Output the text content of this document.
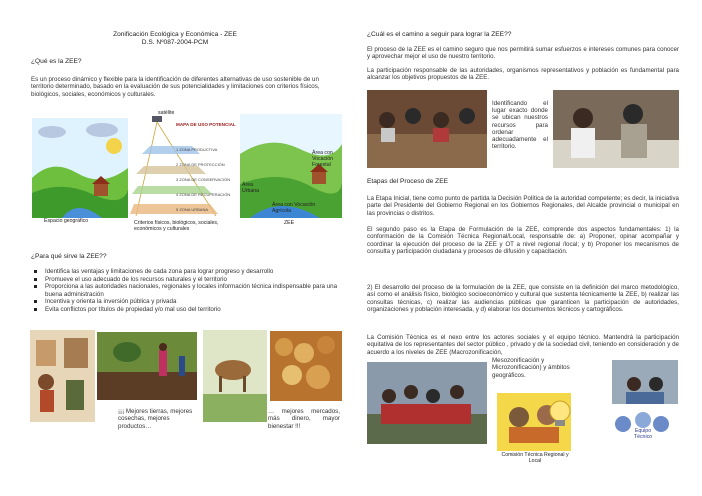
Zonificación Ecológica y Económica - ZEE
D.S. Nº087-2004-PCM
¿Qué es la ZEE?
Es un proceso dinámico y flexible para la identificación de diferentes alternativas de uso sostenible de un territorio determinado, basado en la evaluación de sus potencialidades y limitaciones con criterios físicos, biológicos, sociales, económicos y culturales.
satélite
MAPA DE USO POTENCIAL
1 ZONA PRODUCTIVA
2 ZONA DE PROTECCIÓN
3 ZONA DE CONSERVACIÓN
4 ZONA DE RECUPERACIÓN
5 ZONA URBANA
Área con Vocación Forestal
Área Urbana
Área con Vocación Agrícola
Espacio geográfico	Criterios físicos, biológicos, sociales, económicos y culturales
ZEE
¿Para qué sirve la ZEE??
Identifica las ventajas y limitaciones de cada zona para lograr progreso y desarrollo
Promueve el uso adecuado de los recursos naturales y el territorio
Proporciona a las autoridades nacionales, regionales y locales información técnica indispensable para una buena administración
Incentiva y orienta la inversión pública y privada
Evita conflictos por títulos de propiedad y/o mal uso del territorio
¡¡¡ Mejores tierras, mejores cosechas, mejores productos…
… mejores mercados, más dinero, mayor bienestar !!!
¿Cuál es el camino a seguir para lograr la ZEE??
El proceso de la ZEE es el camino seguro que nos permitirá sumar esfuerzos e intereses comunes para conocer y aprovechar mejor el uso de nuestro territorio.
La participación responsable de las autoridades, organismos representativos y población es fundamental para alcanzar los objetivos propuestos de la ZEE.
Identificando el lugar exacto donde se ubican nuestros recursos para ordenar adecuadamente el territorio.
Etapas del Proceso de ZEE
La Etapa Inicial, tiene como punto de partida la Decisión Política de la autoridad competente; es decir, la iniciativa parte del Presidente del Gobierno Regional en los Gobiernos Regionales, del Alcalde provincial o municipal en las provincias o distritos.
El segundo paso es la Etapa de Formulación de la ZEE, comprende dos aspectos fundamentales: 1) la conformación de la Comisión Técnica Regional/Local, responsable de: a) Proponer, opinar acompañar y coordinar la ejecución del proceso de la ZEE y OT a nivel regional /local; y b) Proponer los mecanismos de consulta y participación ciudadana y procesos de difusión y capacitación.
2) El desarrollo del proceso de la formulación de la ZEE, que consiste en la definición del marco metodológico, así como el análisis físico, biológico socioeconómico y cultural que sustenta técnicamente la ZEE, b) realizar las consultas técnicas, c) realizar las audiencias públicas que garanticen la participación de autoridades, organizaciones y población interesada, y d) elaborar los documentos técnicos y cartográficos.
La Comisión Técnica es el nexo entre los actores sociales y el equipo técnico. Mantendrá la participación equitativa de los representantes del sector público , privado y de la sociedad civil, teniendo en consideración y de acuerdo a los niveles de ZEE (Macrozonificación,
Mesozonificación y Microzonificación) y ámbitos geográficos.
Equipo Técnico
Comisión Técnica Regional y Local
